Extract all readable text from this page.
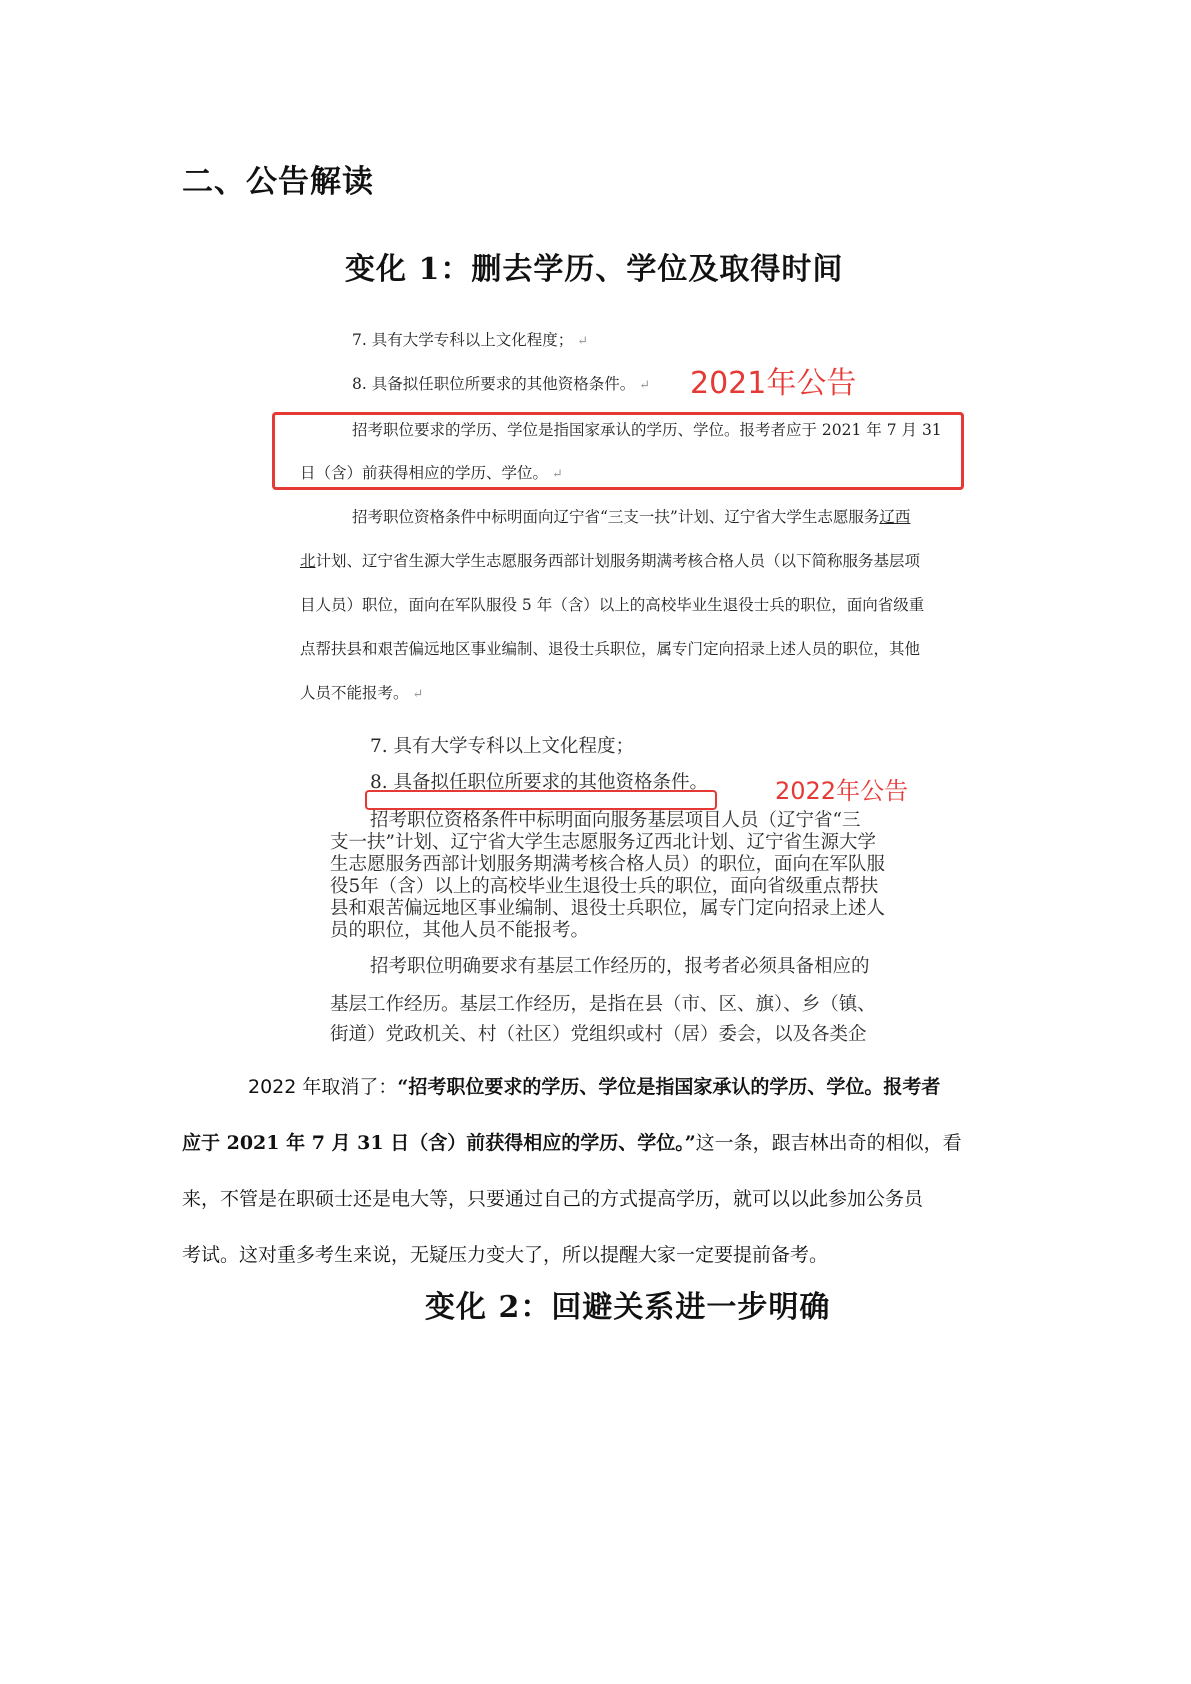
二、公告解读
变化 1：删去学历、学位及取得时间
7. 具有大学专科以上文化程度； ↵
8. 具备拟任职位所要求的其他资格条件。 ↵ 2021年公告
招考职位要求的学历、学位是指国家承认的学历、学位。报考者应于 2021 年 7 月 31
日（含）前获得相应的学历、学位。 ↵
招考职位资格条件中标明面向辽宁省“三支一扶”计划、辽宁省大学生志愿服务辽西
北计划、辽宁省生源大学生志愿服务西部计划服务期满考核合格人员（以下简称服务基层项
目人员）职位，面向在军队服役 5 年（含）以上的高校毕业生退役士兵的职位，面向省级重
点帮扶县和艰苦偏远地区事业编制、退役士兵职位，属专门定向招录上述人员的职位，其他
人员不能报考。 ↵
7. 具有大学专科以上文化程度；
8. 具备拟任职位所要求的其他资格条件。	2022年公告
招考职位资格条件中标明面向服务基层项目人员（辽宁省“三
支一扶”计划、辽宁省大学生志愿服务辽西北计划、辽宁省生源大学
生志愿服务西部计划服务期满考核合格人员）的职位，面向在军队服
役5年（含）以上的高校毕业生退役士兵的职位，面向省级重点帮扶
县和艰苦偏远地区事业编制、退役士兵职位，属专门定向招录上述人
员的职位，其他人员不能报考。
招考职位明确要求有基层工作经历的，报考者必须具备相应的
基层工作经历。基层工作经历，是指在县（市、区、旗）、乡（镇、
街道）党政机关、村（社区）党组织或村（居）委会，以及各类企
2022 年取消了：“招考职位要求的学历、学位是指国家承认的学历、学位。报考者
应于 2021 年 7 月 31 日（含）前获得相应的学历、学位。”这一条，跟吉林出奇的相似，看
来，不管是在职硕士还是电大等，只要通过自己的方式提高学历，就可以以此参加公务员
考试。这对重多考生来说，无疑压力变大了，所以提醒大家一定要提前备考。
变化 2：回避关系进一步明确
